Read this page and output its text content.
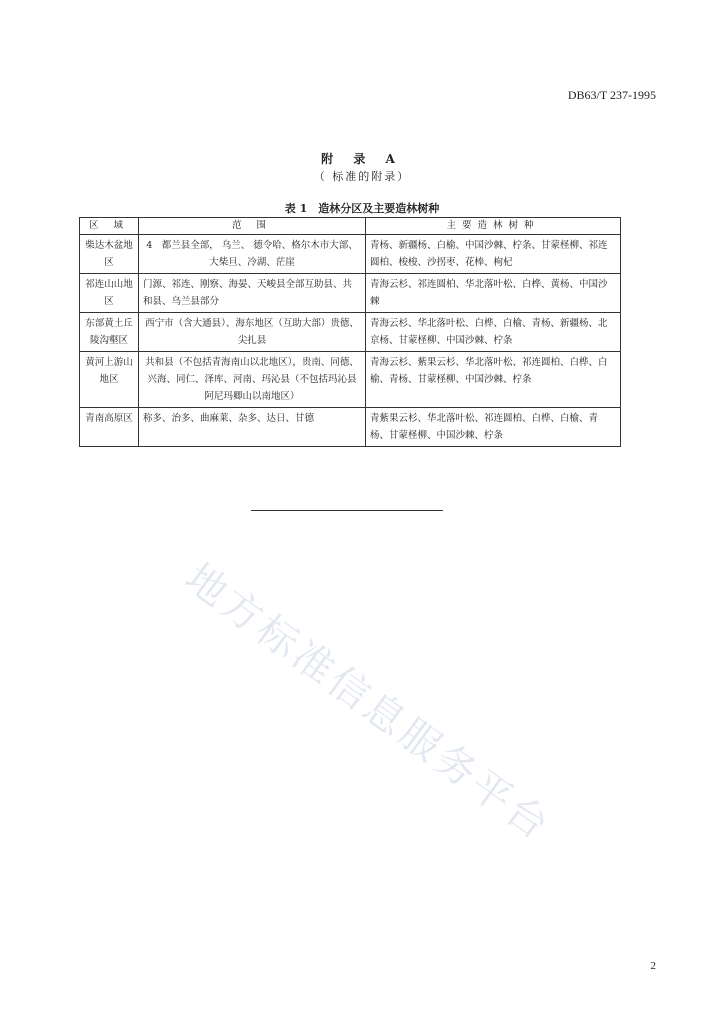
DB63/T 237-1995
附 录 A
（ 标准的附录）
表 1　造林分区及主要造林树种
区 域	范 围	主要造林树种
柴达木盆地区	4　都兰县全部， 乌兰、 德令哈、格尔木市大部、大柴旦、冷湖、茫崖	青杨、新疆杨、白榆、中国沙棘、柠条、甘蒙柽柳、祁连圆柏、梭梭、沙拐枣、花棒、枸杞
祁连山山地区	门源、祁连、刚察、海晏、天峻县全部互助县、共和县、乌兰县部分	青海云杉、祁连圆柏、华北落叶松、白桦、黄杨、中国沙棘
东部黄土丘陵沟壑区	西宁市（含大通县）、海东地区（互助大部）贵德、尖扎县	青海云杉、华北落叶松、白桦、白榆、青杨、新疆杨、北京杨、甘蒙柽柳、中国沙棘、柠条
黄河上游山地区	共和县（不包括青海南山以北地区），贵南、同德、兴海、同仁、泽库、河南、玛沁县（不包括玛沁县阿尼玛卿山以南地区）	青海云杉、紫果云杉、华北落叶松、祁连圆柏、白桦、白榆、青杨、甘蒙柽柳、中国沙棘、柠条
青南高原区	称多、治多、曲麻莱、杂多、达日、甘德	青紫果云杉、华北落叶松、祁连圆柏、白桦、白榆、青杨、甘蒙柽柳、中国沙棘、柠条
地方标准信息服务平台
2
